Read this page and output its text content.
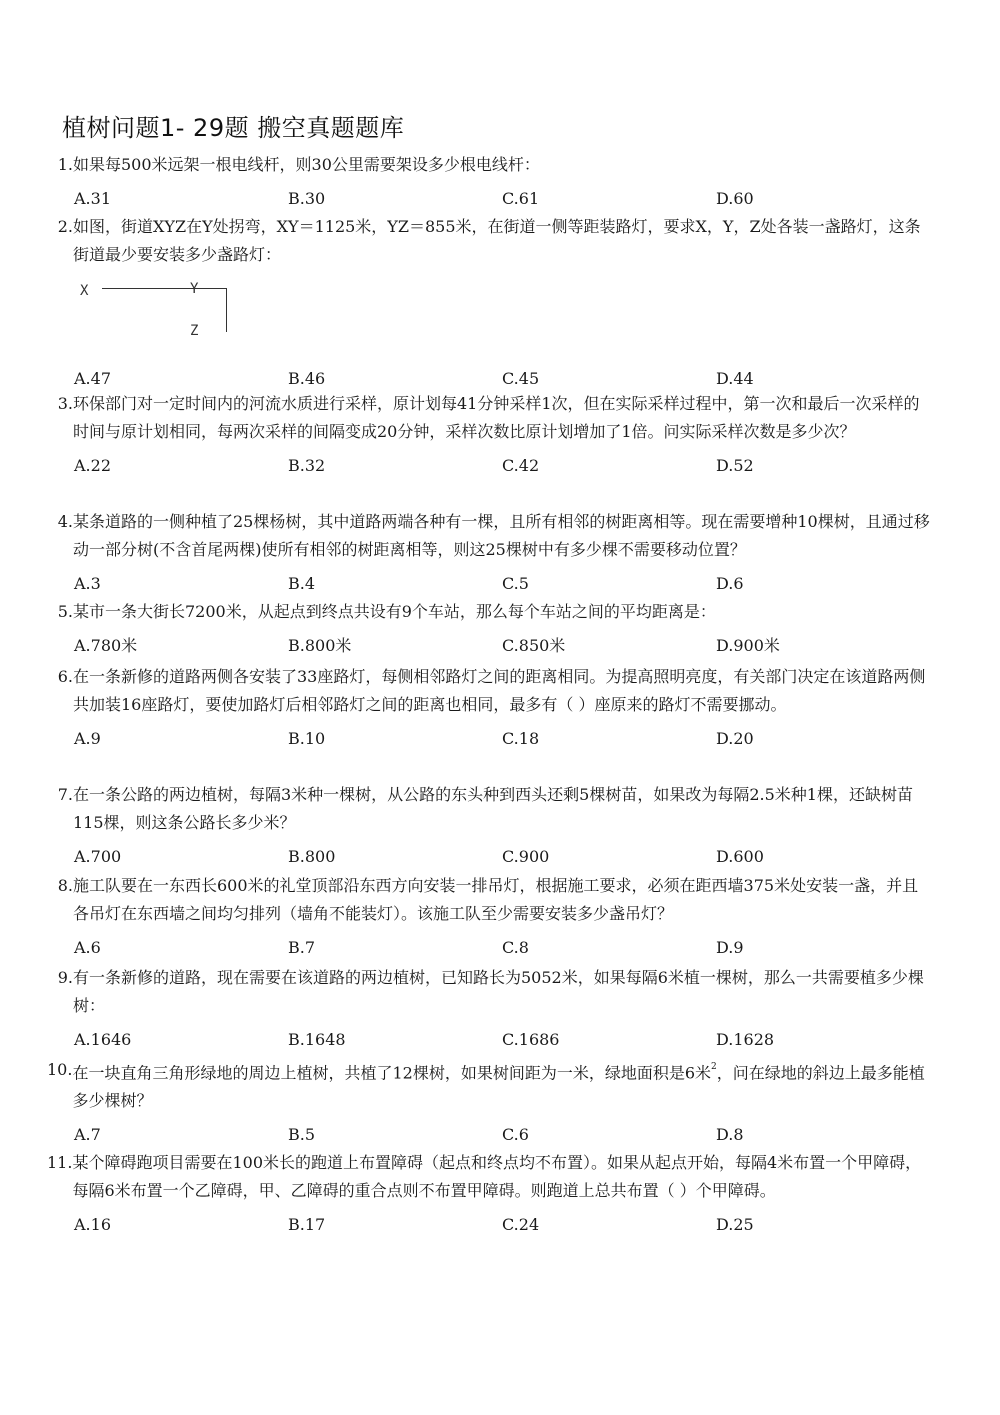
植树问题1- 29题 搬空真题题库
1. 如果每500米远架一根电线杆，则30公里需要架设多少根电线杆：
A.31	B.30	C.61	D.60
2. 如图，街道XYZ在Y处拐弯，XY＝1125米，YZ＝855米，在街道一侧等距装路灯，要求X，Y，Z处各装一盏路灯，这条街道最少要安装多少盏路灯：
X	Y
Z
A.47	B.46	C.45	D.44
3. 环保部门对一定时间内的河流水质进行采样，原计划每41分钟采样1次，但在实际采样过程中，第一次和最后一次采样的时间与原计划相同，每两次采样的间隔变成20分钟，采样次数比原计划增加了1倍。问实际采样次数是多少次？
A.22	B.32	C.42	D.52
4. 某条道路的一侧种植了25棵杨树，其中道路两端各种有一棵，且所有相邻的树距离相等。现在需要增种10棵树，且通过移动一部分树(不含首尾两棵)使所有相邻的树距离相等，则这25棵树中有多少棵不需要移动位置？
A.3	B.4	C.5	D.6
5. 某市一条大街长7200米，从起点到终点共设有9个车站，那么每个车站之间的平均距离是：
A.780米	B.800米	C.850米	D.900米
6. 在一条新修的道路两侧各安装了33座路灯，每侧相邻路灯之间的距离相同。为提高照明亮度，有关部门决定在该道路两侧共加装16座路灯，要使加路灯后相邻路灯之间的距离也相同，最多有（ ）座原来的路灯不需要挪动。
A.9	B.10	C.18	D.20
7. 在一条公路的两边植树，每隔3米种一棵树，从公路的东头种到西头还剩5棵树苗，如果改为每隔2.5米种1棵，还缺树苗115棵，则这条公路长多少米？
A.700	B.800	C.900	D.600
8. 施工队要在一东西长600米的礼堂顶部沿东西方向安装一排吊灯，根据施工要求，必须在距西墙375米处安装一盏，并且各吊灯在东西墙之间均匀排列（墙角不能装灯）。该施工队至少需要安装多少盏吊灯？
A.6	B.7	C.8	D.9
9. 有一条新修的道路，现在需要在该道路的两边植树，已知路长为5052米，如果每隔6米植一棵树，那么一共需要植多少棵树：
A.1646	B.1648	C.1686	D.1628
10. 在一块直角三角形绿地的周边上植树，共植了12棵树，如果树间距为一米，绿地面积是6米$^2$，问在绿地的斜边上最多能植多少棵树？
A.7	B.5	C.6	D.8
11. 某个障碍跑项目需要在100米长的跑道上布置障碍（起点和终点均不布置）。如果从起点开始，每隔4米布置一个甲障碍，每隔6米布置一个乙障碍，甲、乙障碍的重合点则不布置甲障碍。则跑道上总共布置（ ）个甲障碍。
A.16	B.17	C.24	D.25
